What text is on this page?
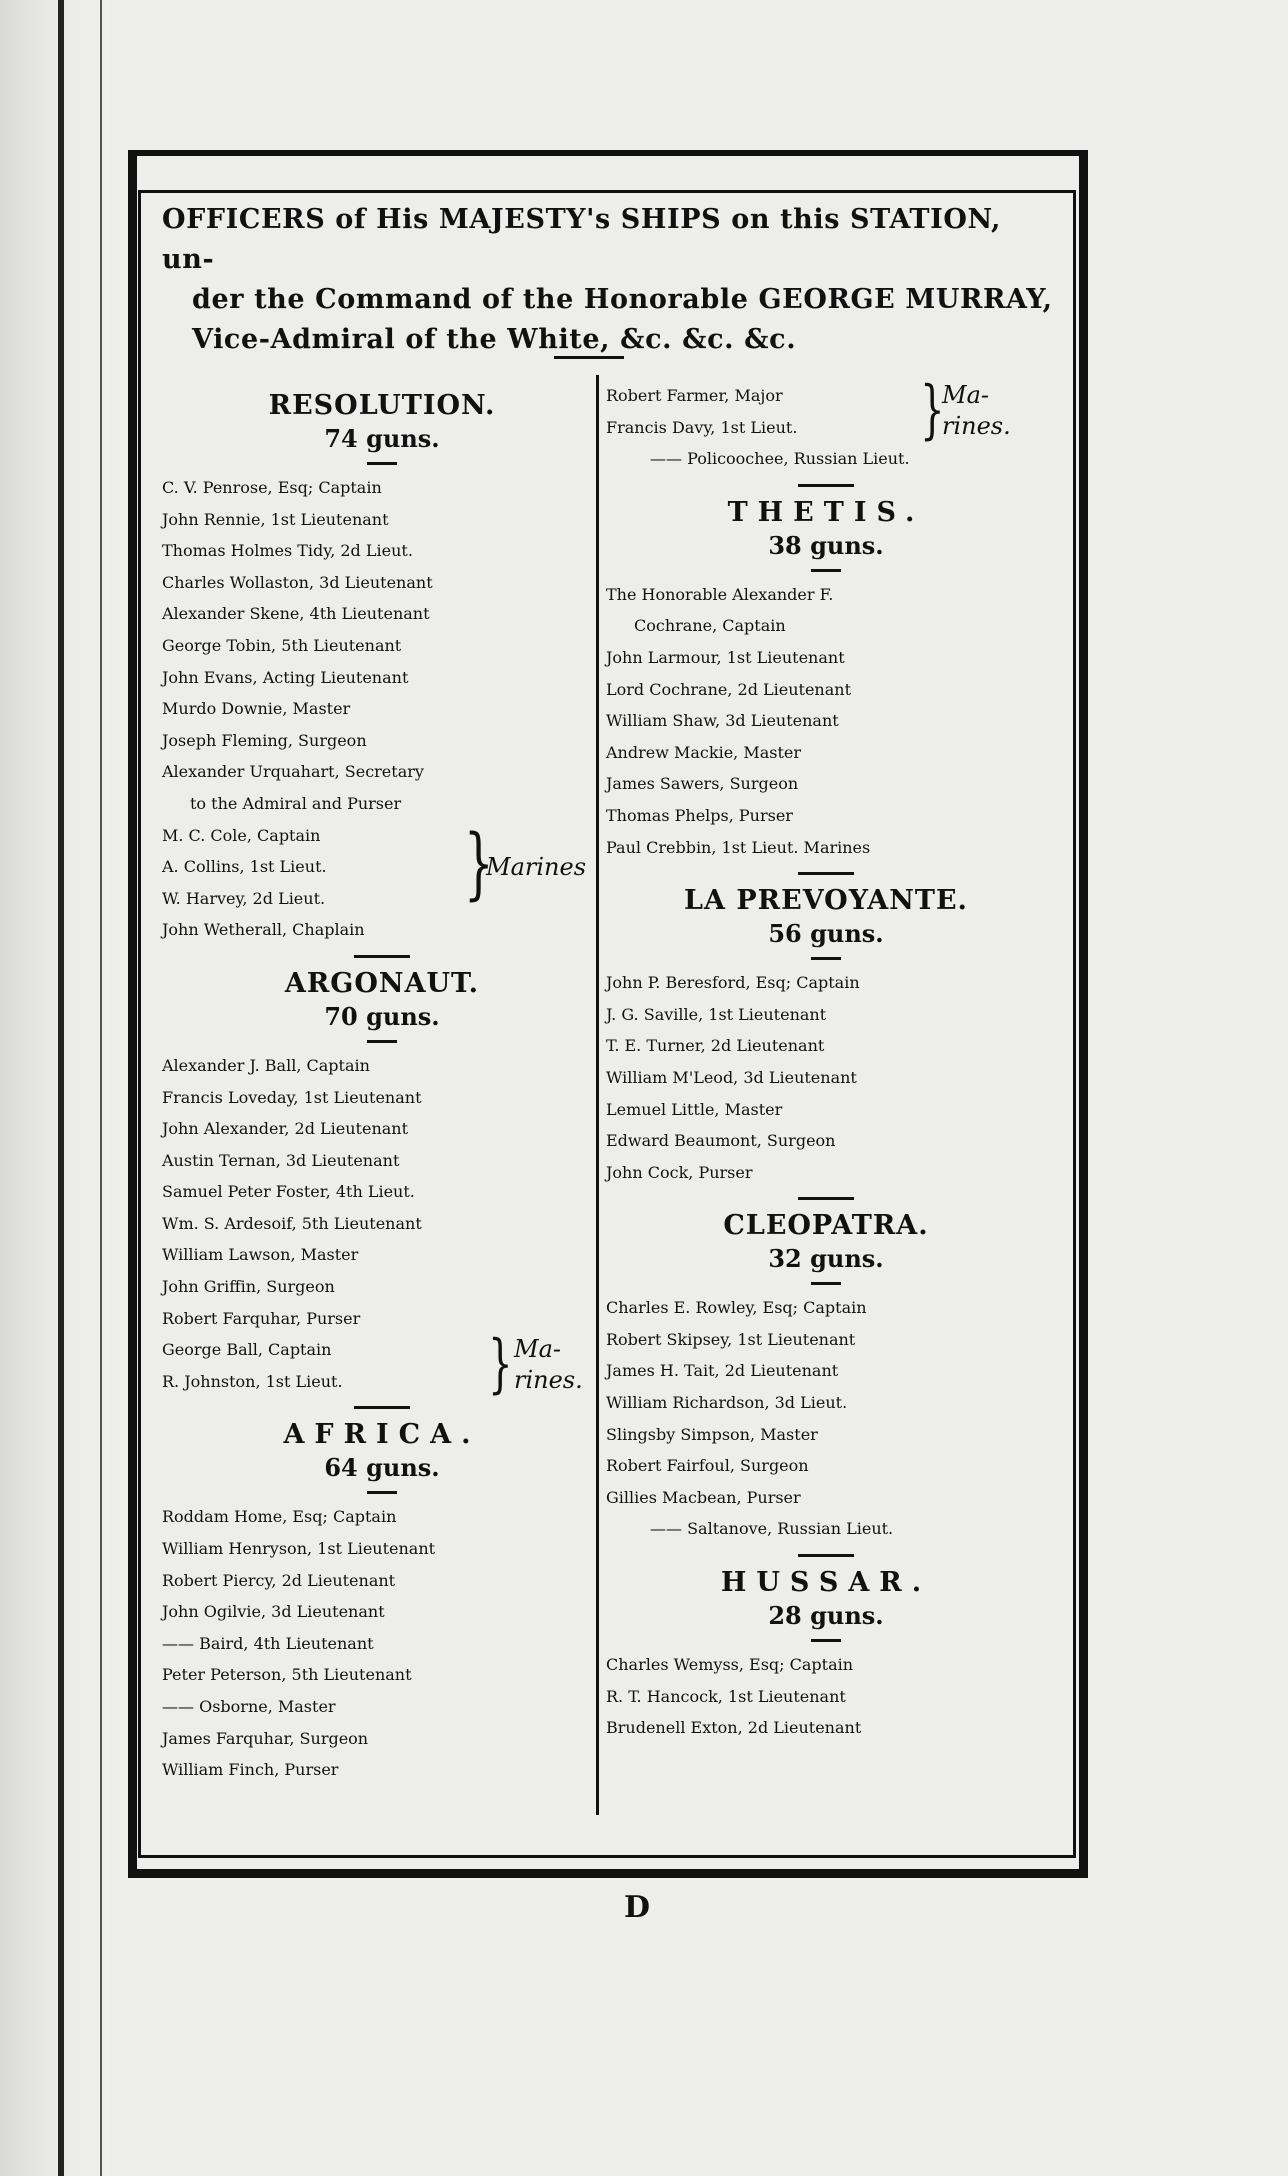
OFFICERS of His MAJESTY's SHIPS on this STATION, un-
der the Command of the Honorable GEORGE MURRAY,
Vice-Admiral of the White, &c. &c. &c.
RESOLUTION.
74 guns.
C. V. Penrose, Esq; Captain
John Rennie, 1st Lieutenant
Thomas Holmes Tidy, 2d Lieut.
Charles Wollaston, 3d Lieutenant
Alexander Skene, 4th Lieutenant
George Tobin, 5th Lieutenant
John Evans, Acting Lieutenant
Murdo Downie, Master
Joseph Fleming, Surgeon
Alexander Urquahart, Secretary
to the Admiral and Purser
M. C. Cole, Captain
A. Collins, 1st Lieut.
W. Harvey, 2d Lieut.	}
Marines
John Wetherall, Chaplain
ARGONAUT.
70 guns.
Alexander J. Ball, Captain
Francis Loveday, 1st Lieutenant
John Alexander, 2d Lieutenant
Austin Ternan, 3d Lieutenant
Samuel Peter Foster, 4th Lieut.
Wm. S. Ardesoif, 5th Lieutenant
William Lawson, Master
John Griffin, Surgeon
Robert Farquhar, Purser
George Ball, Captain
R. Johnston, 1st Lieut.	} Ma-
rines.
AFRICA.
64 guns.
Roddam Home, Esq; Captain
William Henryson, 1st Lieutenant
Robert Piercy, 2d Lieutenant
John Ogilvie, 3d Lieutenant
—— Baird, 4th Lieutenant
Peter Peterson, 5th Lieutenant
—— Osborne, Master
James Farquhar, Surgeon
William Finch, Purser
Robert Farmer, Major
Francis Davy, 1st Lieut.	}
Ma-
rines.
—— Policoochee, Russian Lieut.
THETIS.
38 guns.
The Honorable Alexander F.
Cochrane, Captain
John Larmour, 1st Lieutenant
Lord Cochrane, 2d Lieutenant
William Shaw, 3d Lieutenant
Andrew Mackie, Master
James Sawers, Surgeon
Thomas Phelps, Purser
Paul Crebbin, 1st Lieut. Marines
LA PREVOYANTE.
56 guns.
John P. Beresford, Esq; Captain
J. G. Saville, 1st Lieutenant
T. E. Turner, 2d Lieutenant
William M'Leod, 3d Lieutenant
Lemuel Little, Master
Edward Beaumont, Surgeon
John Cock, Purser
CLEOPATRA.
32 guns.
Charles E. Rowley, Esq; Captain
Robert Skipsey, 1st Lieutenant
James H. Tait, 2d Lieutenant
William Richardson, 3d Lieut.
Slingsby Simpson, Master
Robert Fairfoul, Surgeon
Gillies Macbean, Purser
—— Saltanove, Russian Lieut.
HUSSAR.
28 guns.
Charles Wemyss, Esq; Captain
R. T. Hancock, 1st Lieutenant
Brudenell Exton, 2d Lieutenant
D
